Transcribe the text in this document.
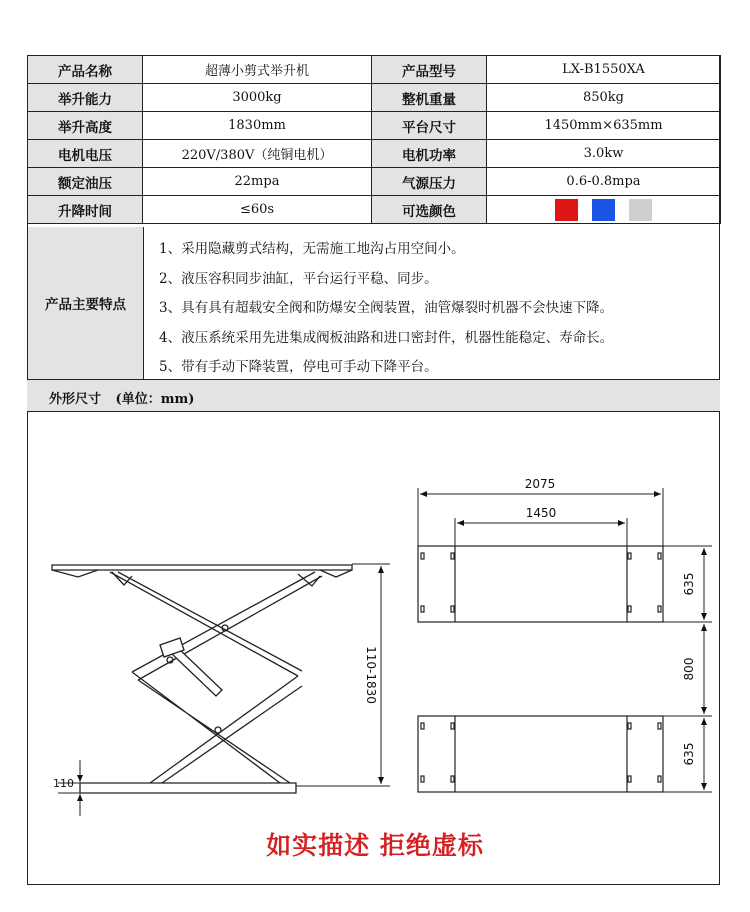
产品名称	超薄小剪式举升机	产品型号	LX-B1550XA
举升能力	3000kg	整机重量	850kg
举升高度	1830mm	平台尺寸	1450mm×635mm
电机电压	220V/380V（纯铜电机）	电机功率	3.0kw
额定油压	22mpa	气源压力	0.6-0.8mpa
升降时间	≤60s	可选颜色	
产品主要特点
1、采用隐藏剪式结构，无需施工地沟占用空间小。
2、液压容积同步油缸，平台运行平稳、同步。
3、具有具有超载安全阀和防爆安全阀装置，油管爆裂时机器不会快速下降。
4、液压系统采用先进集成阀板油路和进口密封件，机器性能稳定、寿命长。
5、带有手动下降装置，停电可手动下降平台。
外形尺寸 (单位：mm)
110-1830
110
2075
1450
635
800
635
如实描述 拒绝虚标
